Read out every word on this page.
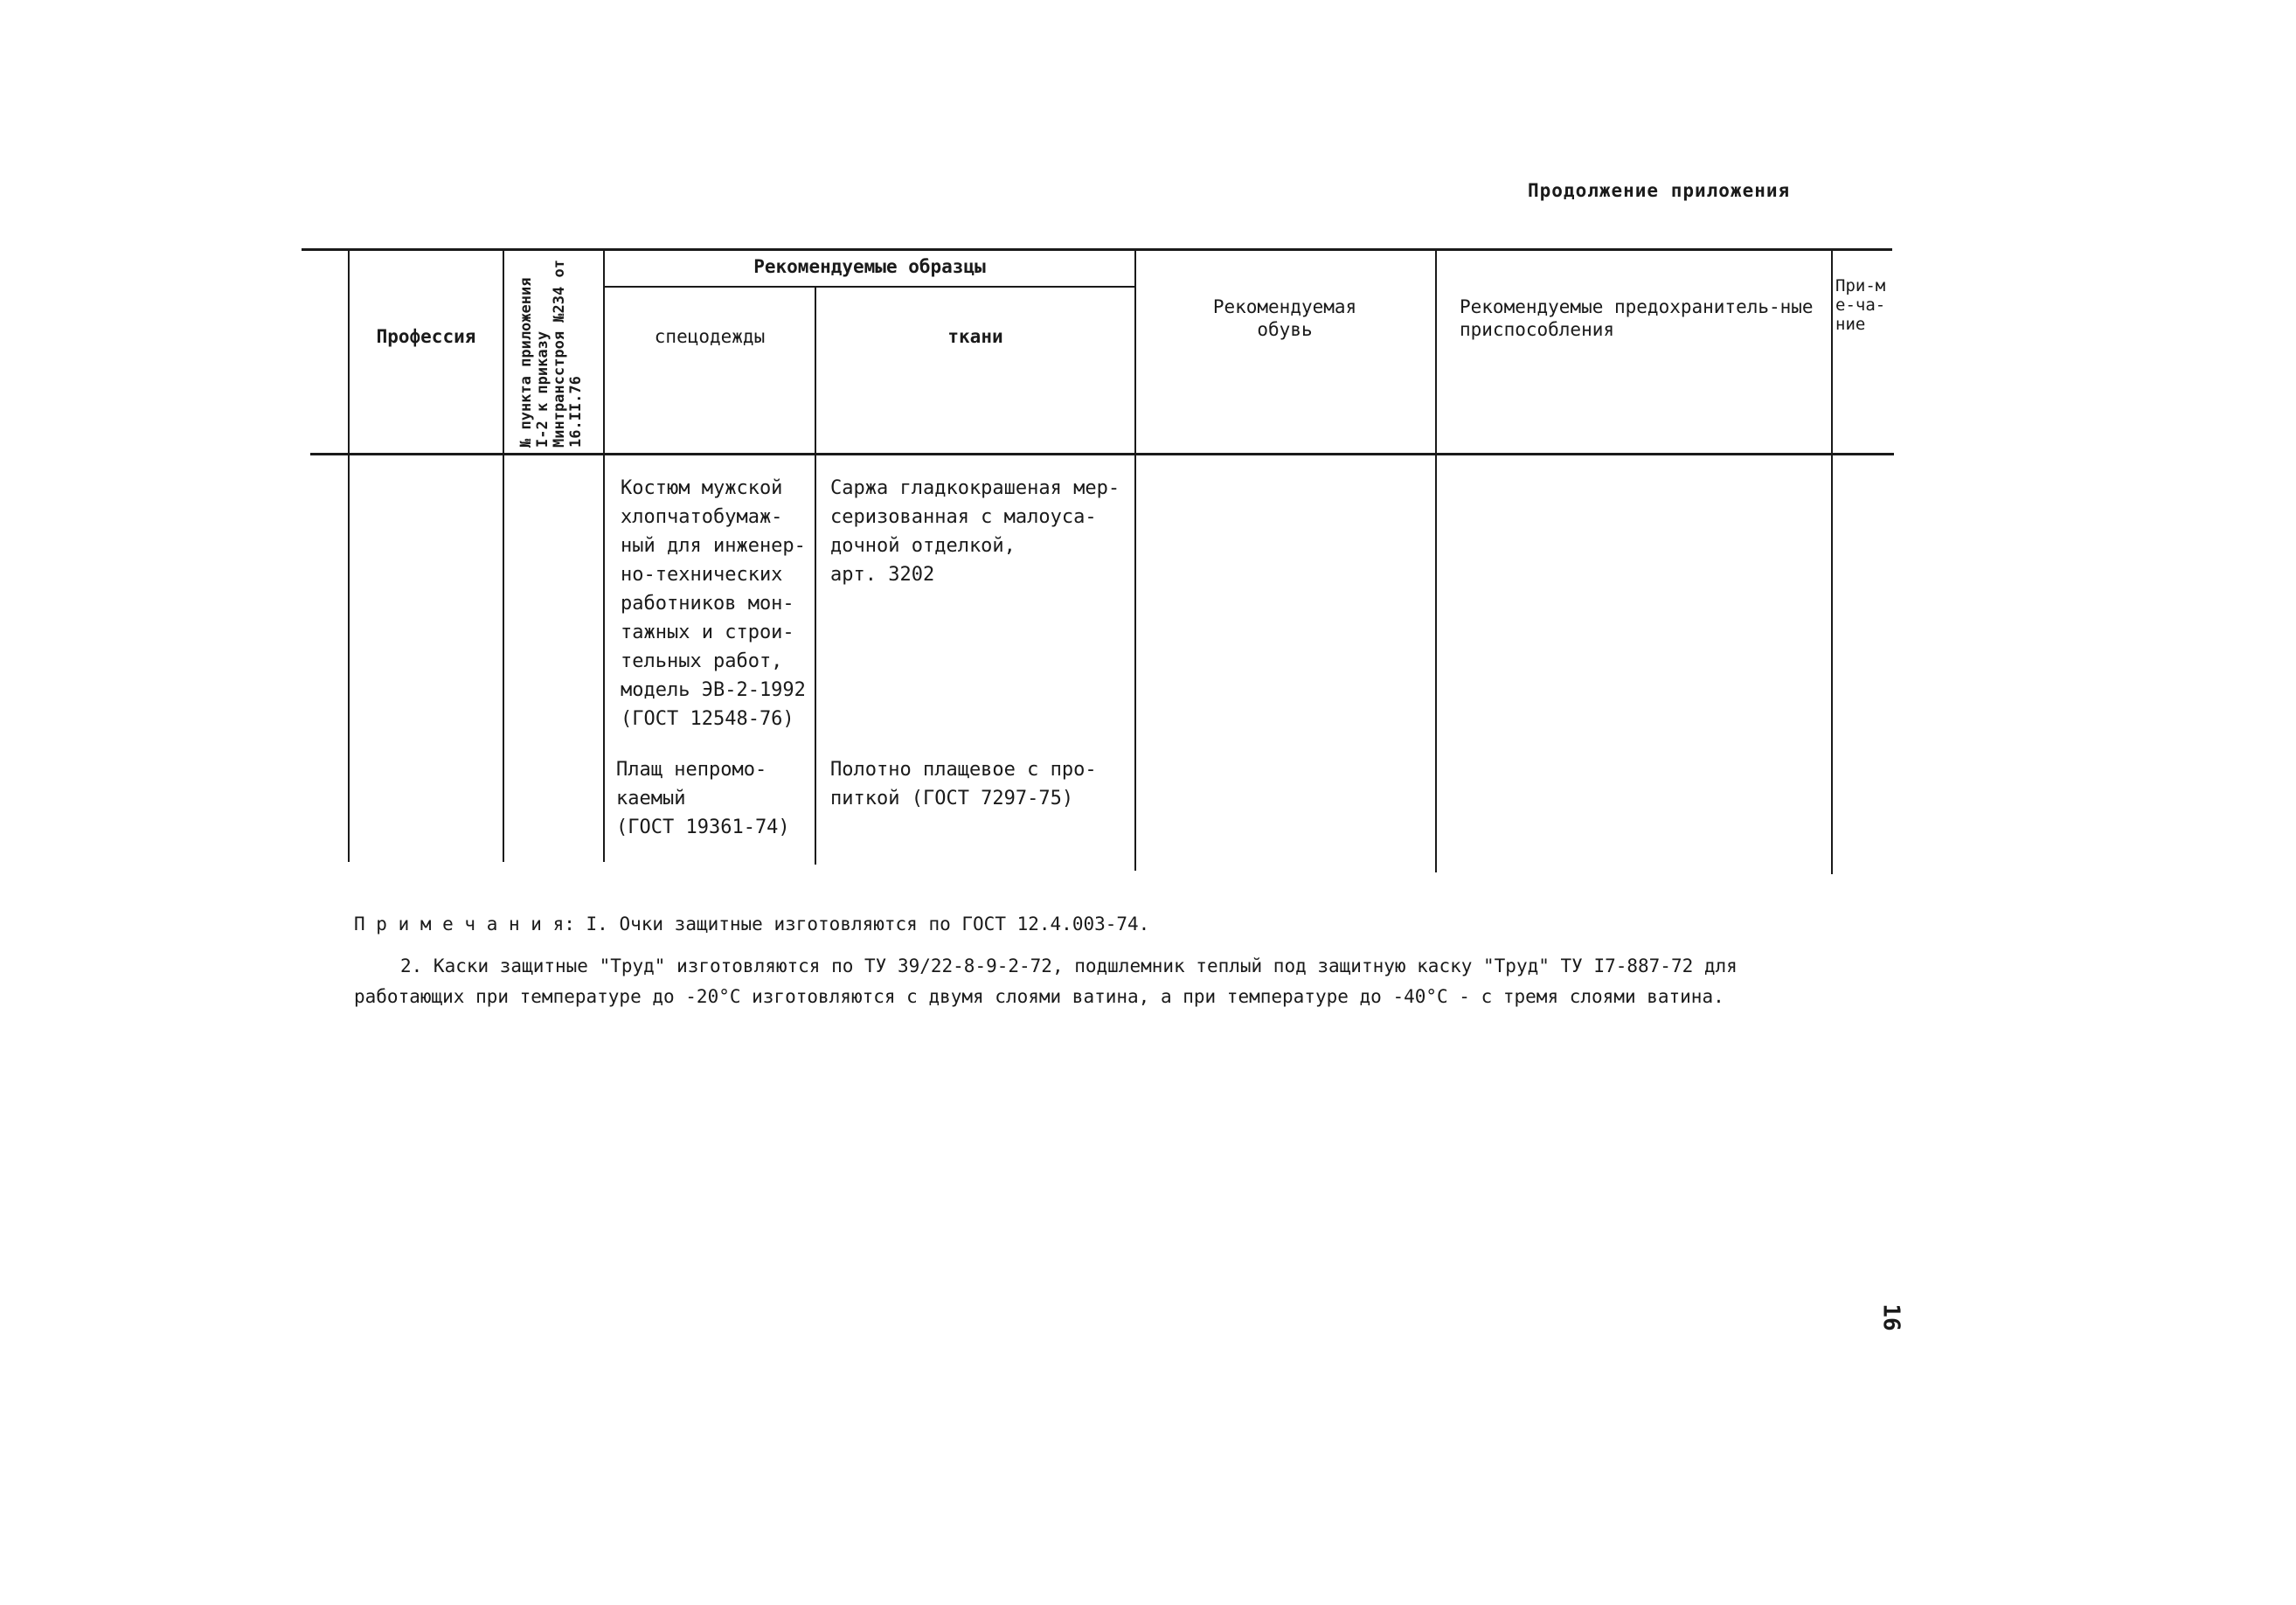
Продолжение приложения
Профессия	№ пункта приложения I-2 к приказу Минтрансстроя №234 от 16.II.76
Рекомендуемые образцы
спецодежды	ткани
Рекомендуемая обувь
Рекомендуемые предохранитель-ные приспособления
При-ме-ча-ние
Костюм мужской
хлопчатобумаж-
ный для инженер-
но-технических
работников мон-
тажных и строи-
тельных работ,
модель ЭВ-2-1992
(ГОСТ 12548-76)
Саржа гладкокрашеная мер-
серизованная с малоуса-
дочной отделкой,
арт. 3202
Плащ непромо-
каемый
(ГОСТ 19361-74)
Полотно плащевое с про-
питкой (ГОСТ 7297-75)
П р и м е ч а н и я: I. Очки защитные изготовляются по ГОСТ 12.4.003-74.
2. Каски защитные "Труд" изготовляются по ТУ 39/22-8-9-2-72, подшлемник теплый под защитную каску "Труд" ТУ I7-887-72 для
работающих при температуре до -20°С изготовляются с двумя слоями ватина, а при температуре до -40°С - с тремя слоями ватина.
16
